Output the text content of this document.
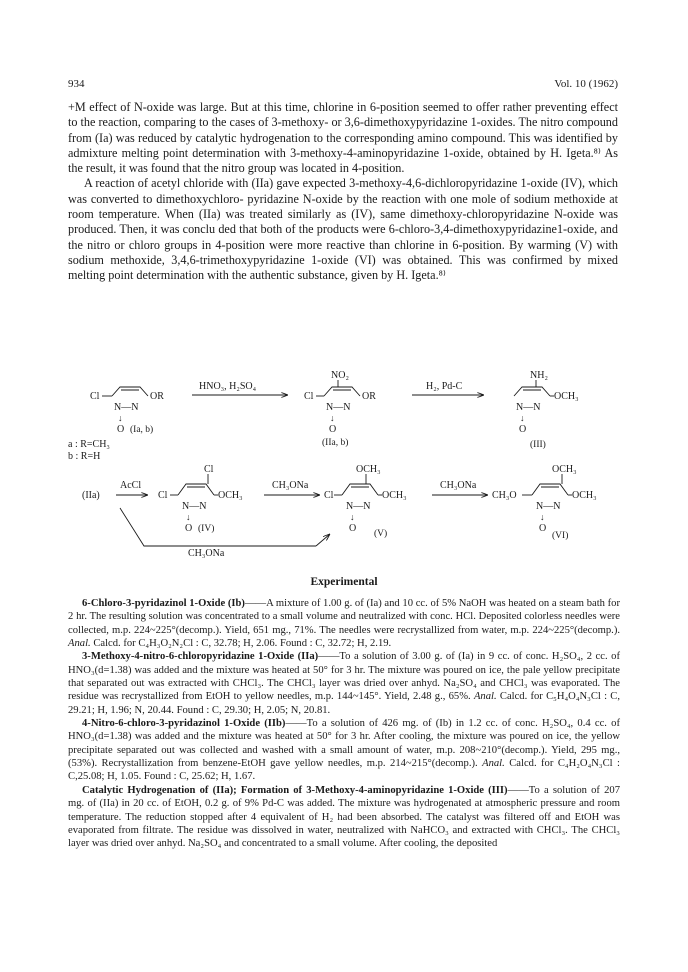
934	Vol. 10 (1962)

+M effect of N-oxide was large. But at this time, chlorine in 6-position seemed to offer rather preventing effect to the reaction, comparing to the cases of 3-methoxy- or 3,6-dimethoxypyridazine 1-oxides. The nitro compound from (Ia) was reduced by catalytic hydrogenation to the corresponding amino compound. This was identified by admixture melting point determination with 3-methoxy-4-aminopyridazine 1-oxide, obtained by H. Igeta.⁸⁾ As the result, it was found that the nitro group was located in 4-position.

A reaction of acetyl chloride with (IIa) gave expected 3-methoxy-4,6-dichloropyridazine 1-oxide (IV), which was converted to dimethoxychloro- pyridazine N-oxide by the reaction with one mole of sodium methoxide at room temperature. When (IIa) was treated similarly as (IV), same dimethoxy-chloropyridazine N-oxide was produced. Then, it was conclu ded that both of the products were 6-chloro-3,4-dimethoxypyridazine1-oxide, and the nitro or chloro groups in 4-position were more reactive than chlorine in 6-position. By warming (V) with sodium methoxide, 3,4,6-trimethoxypyridazine 1-oxide (VI) was obtained. This was confirmed by mixed melting point determination with the authentic substance, given by H. Igeta.⁸⁾

Cl	OR
N—N
↓
O (Ia, b)
a : R=CH₃
b : R=H
HNO₃, H₂SO₄
NO₂
Cl	OR
N—N
↓
O
(IIa, b)
H₂, Pd-C
NH₂
OCH₃
N—N
↓
O
(III)
(IIa)
AcCl
Cl
Cl	OCH₃
N—N
↓
O (IV)
CH₃ONa
OCH₃
Cl	OCH₃
N—N
↓
O (V)
CH₃ONa
OCH₃
CH₃O	OCH₃
N—N
↓
O
(VI)
CH₃ONa
Experimental

6-Chloro-3-pyridazinol 1-Oxide (Ib)——A mixture of 1.00 g. of (Ia) and 10 cc. of 5% NaOH was heated on a steam bath for 2 hr. The resulting solution was concentrated to a small volume and neutralized with conc. HCl. Deposited colorless needles were collected, m.p. 224~225°(decomp.). Yield, 651 mg., 71%. The needles were recrystallized from water, m.p. 224~225°(decomp.). Anal. Calcd. for C₄H₃O₂N₂Cl : C, 32.78; H, 2.06. Found : C, 32.72; H, 2.19.

3-Methoxy-4-nitro-6-chloropyridazine 1-Oxide (IIa)——To a solution of 3.00 g. of (Ia) in 9 cc. of conc. H₂SO₄, 2 cc. of HNO₃(d=1.38) was added and the mixture was heated at 50° for 3 hr. The mixture was poured on ice, the pale yellow precipitate that separated out was extracted with CHCl₃. The CHCl₃ layer was dried over anhyd. Na₂SO₄ and CHCl₃ was evaporated. The residue was recrystallized from EtOH to yellow needles, m.p. 144~145°. Yield, 2.48 g., 65%. Anal. Calcd. for C₅H₄O₄N₃Cl : C, 29.21; H, 1.96; N, 20.44. Found : C, 29.30; H, 2.05; N, 20.81.

4-Nitro-6-chloro-3-pyridazinol 1-Oxide (IIb)——To a solution of 426 mg. of (Ib) in 1.2 cc. of conc. H₂SO₄, 0.4 cc. of HNO₃(d=1.38) was added and the mixture was heated at 50° for 3 hr. After cooling, the mixture was poured on ice, the yellow precipitate separated out was collected and washed with a small amount of water, m.p. 208~210°(decomp.). Yield, 295 mg., (53%). Recrystallization from benzene-EtOH gave yellow needles, m.p. 214~215°(decomp.). Anal. Calcd. for C₄H₂O₄N₃Cl : C,25.08; H, 1.05. Found : C, 25.62; H, 1.67.

Catalytic Hydrogenation of (IIa); Formation of 3-Methoxy-4-aminopyridazine 1-Oxide (III)——To a solution of 207 mg. of (IIa) in 20 cc. of EtOH, 0.2 g. of 9% Pd-C was added. The mixture was hydrogenated at atmospheric pressure and room temperature. The reduction stopped after 4 equivalent of H₂ had been absorbed. The catalyst was filtered off and EtOH was evaporated from filtrate. The residue was dissolved in water, neutralized with NaHCO₃ and extracted with CHCl₃. The CHCl₃ layer was dried over anhyd. Na₂SO₄ and concentrated to a small volume. After cooling, the deposited
